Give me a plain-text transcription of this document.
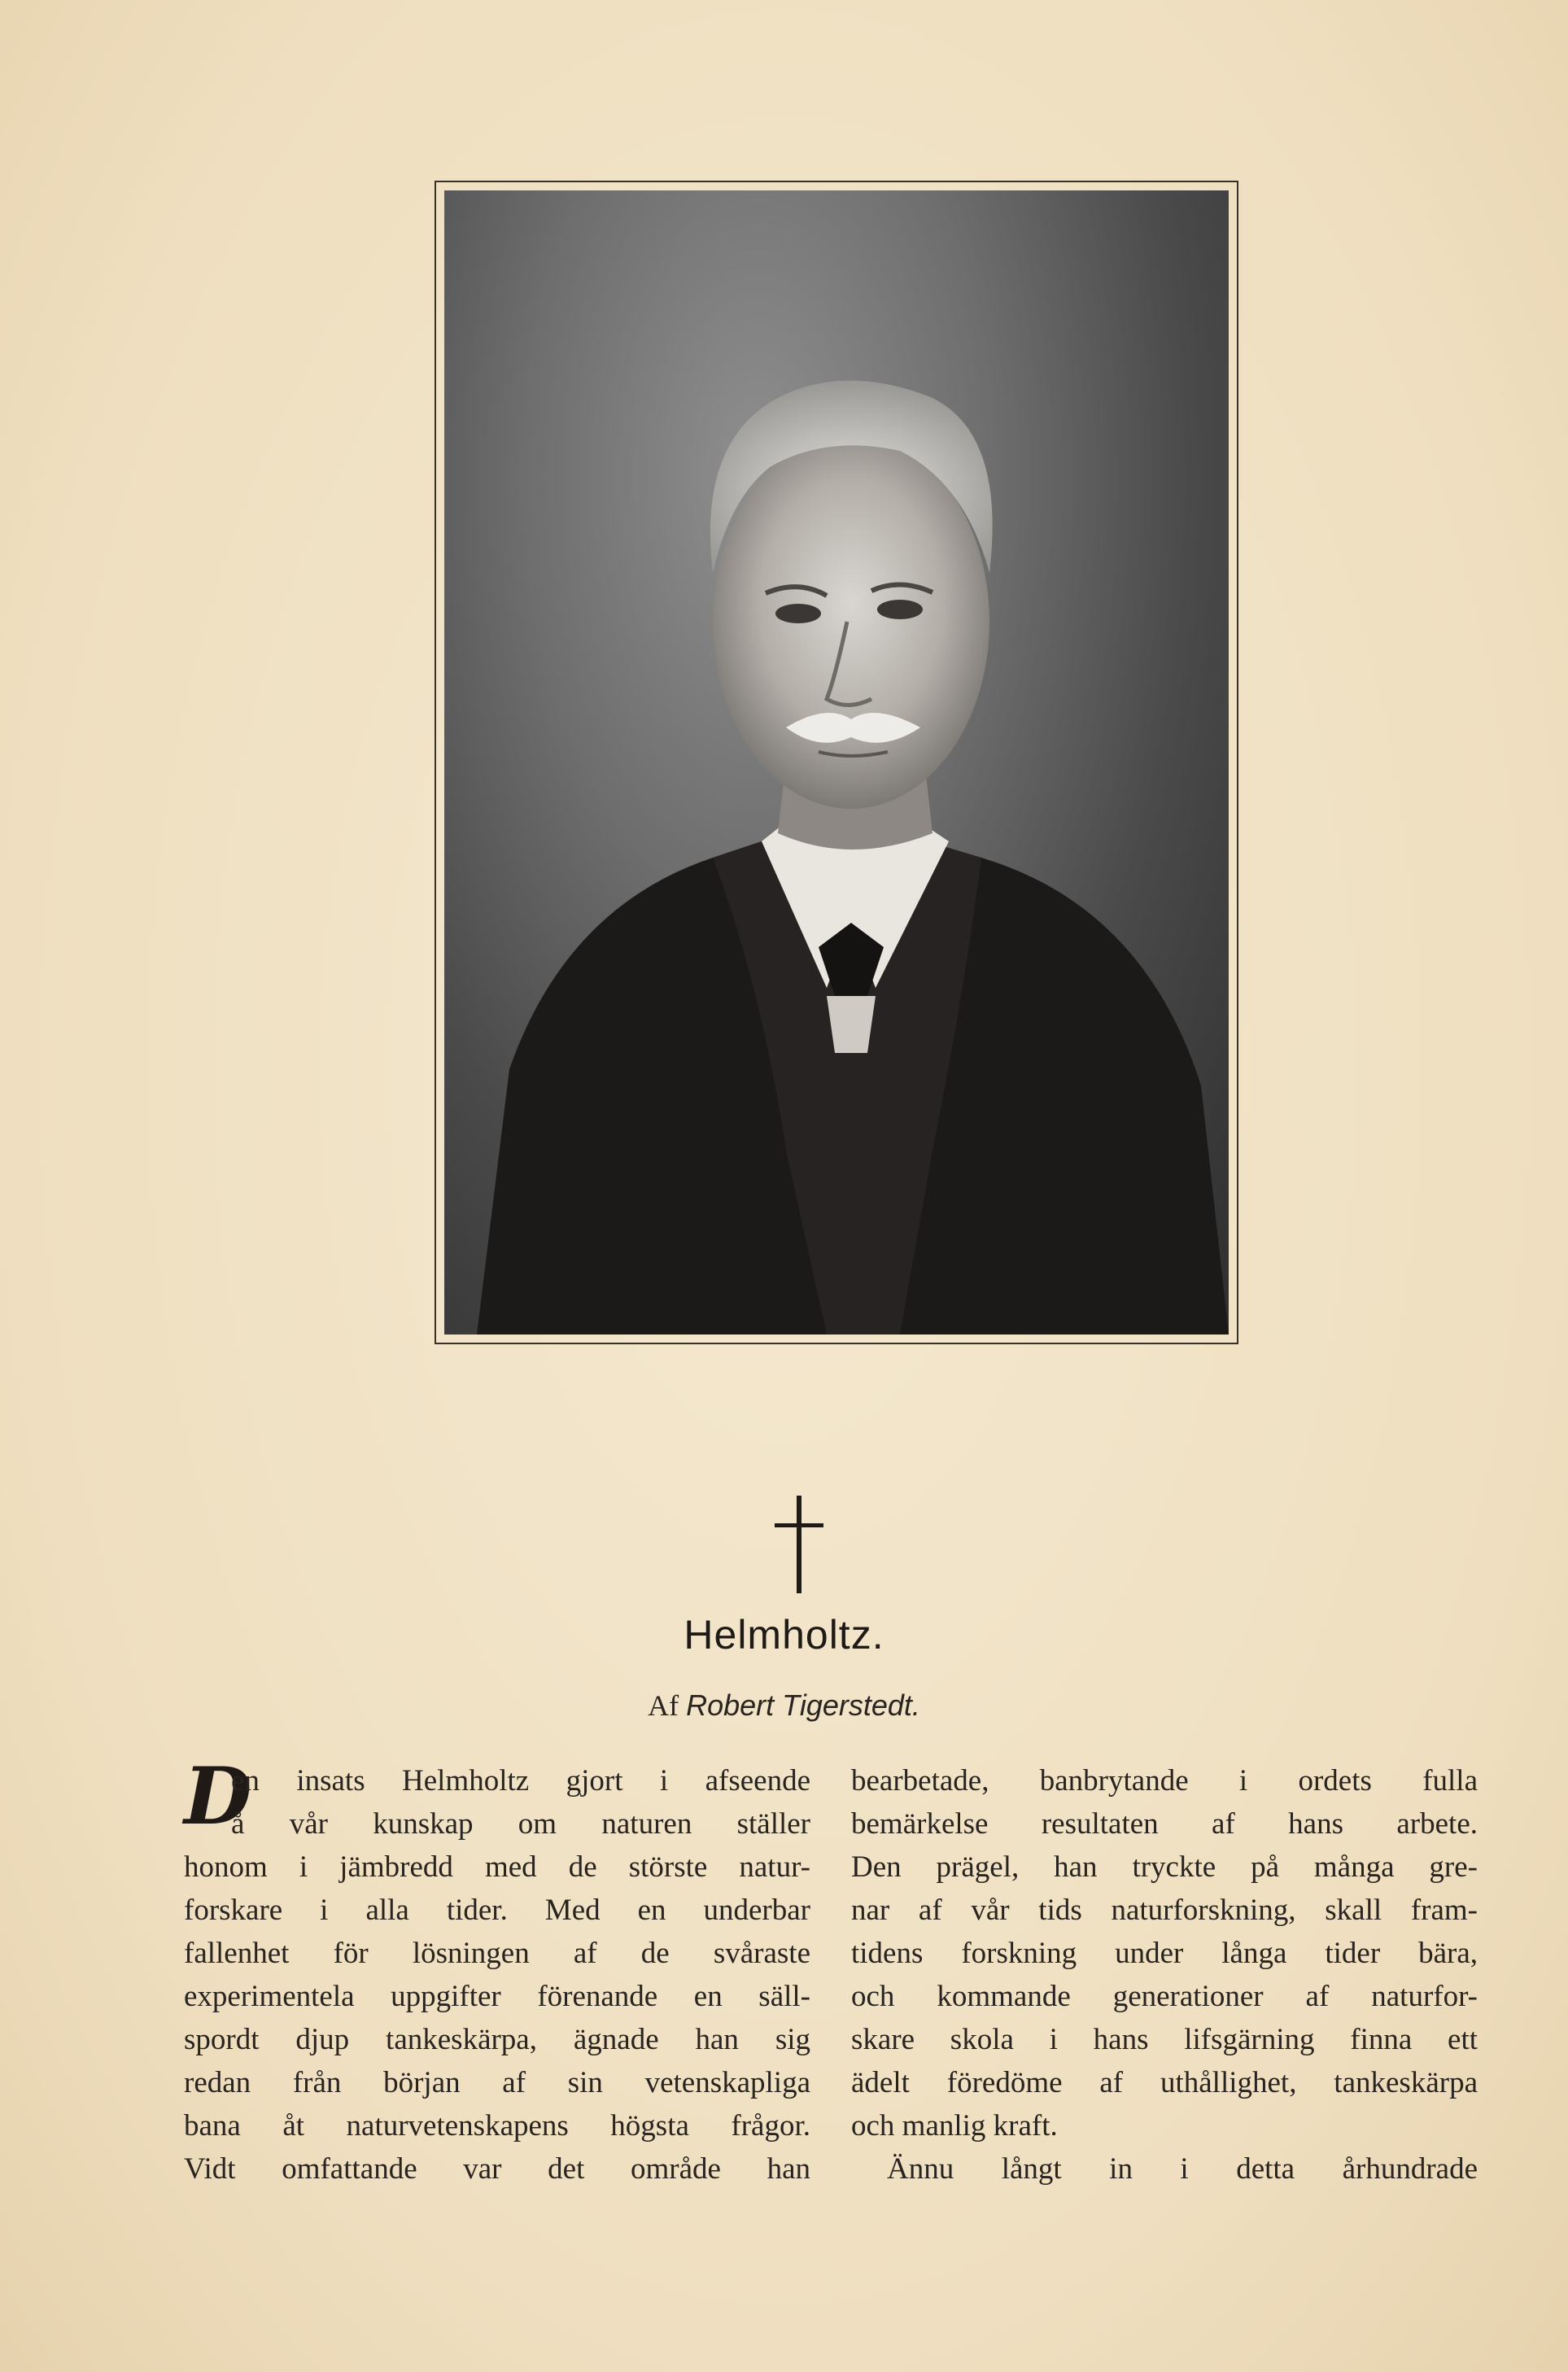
Helmholtz.
Af Robert Tigerstedt.
D
en insats Helmholtz gjort i afseende
å vår kunskap om naturen ställer
honom i jämbredd med de störste natur-
forskare i alla tider. Med en underbar
fallenhet för lösningen af de svåraste
experimentela uppgifter förenande en säll-
spordt djup tankeskärpa, ägnade han sig
redan från början af sin vetenskapliga
bana åt naturvetenskapens högsta frågor.
Vidt omfattande var det område han
bearbetade, banbrytande i ordets fulla
bemärkelse resultaten af hans arbete.
Den prägel, han tryckte på många gre-
nar af vår tids naturforskning, skall fram-
tidens forskning under långa tider bära,
och kommande generationer af naturfor-
skare skola i hans lifsgärning finna ett
ädelt föredöme af uthållighet, tankeskärpa
och manlig kraft.
Ännu långt in i detta århundrade
